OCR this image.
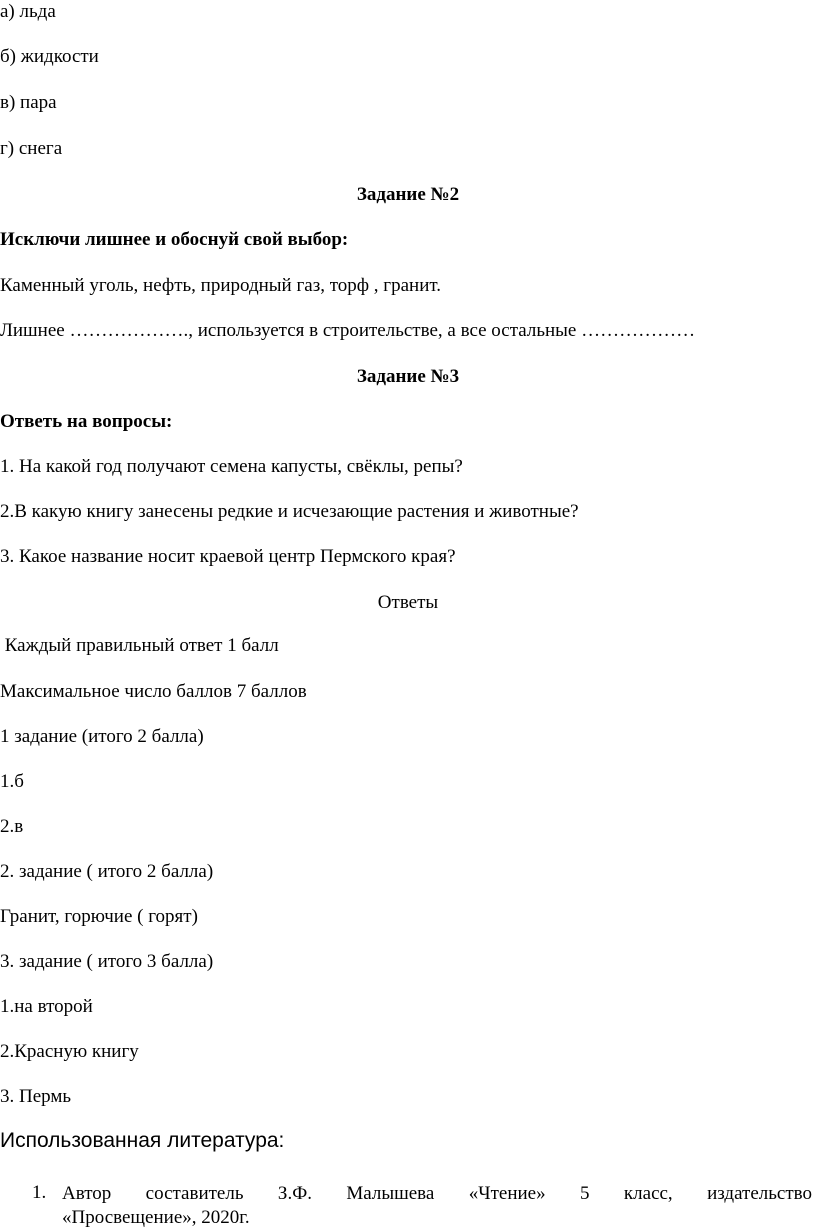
а) льда

б) жидкости

в) пара

г) снега

Задание №2

Исключи лишнее и обоснуй свой выбор:

Каменный уголь, нефть, природный газ, торф , гранит.

Лишнее ………………., используется в строительстве, а все остальные ………………

Задание №3

Ответь на вопросы:

1. На какой год получают семена капусты, свёклы, репы?

2.В какую книгу занесены редкие и исчезающие растения и животные?

3. Какое название носит краевой центр Пермского края?

Ответы

Каждый правильный ответ 1 балл

Максимальное число баллов 7 баллов

1 задание (итого 2 балла)

1.б

2.в

2. задание ( итого 2 балла)

Гранит, горючие ( горят)

3. задание ( итого 3 балла)

1.на второй

2.Красную книгу

3. Пермь

Использованная литература:

1. Автор составитель З.Ф. Малышева «Чтение» 5 класс, издательство
«Просвещение», 2020г.
